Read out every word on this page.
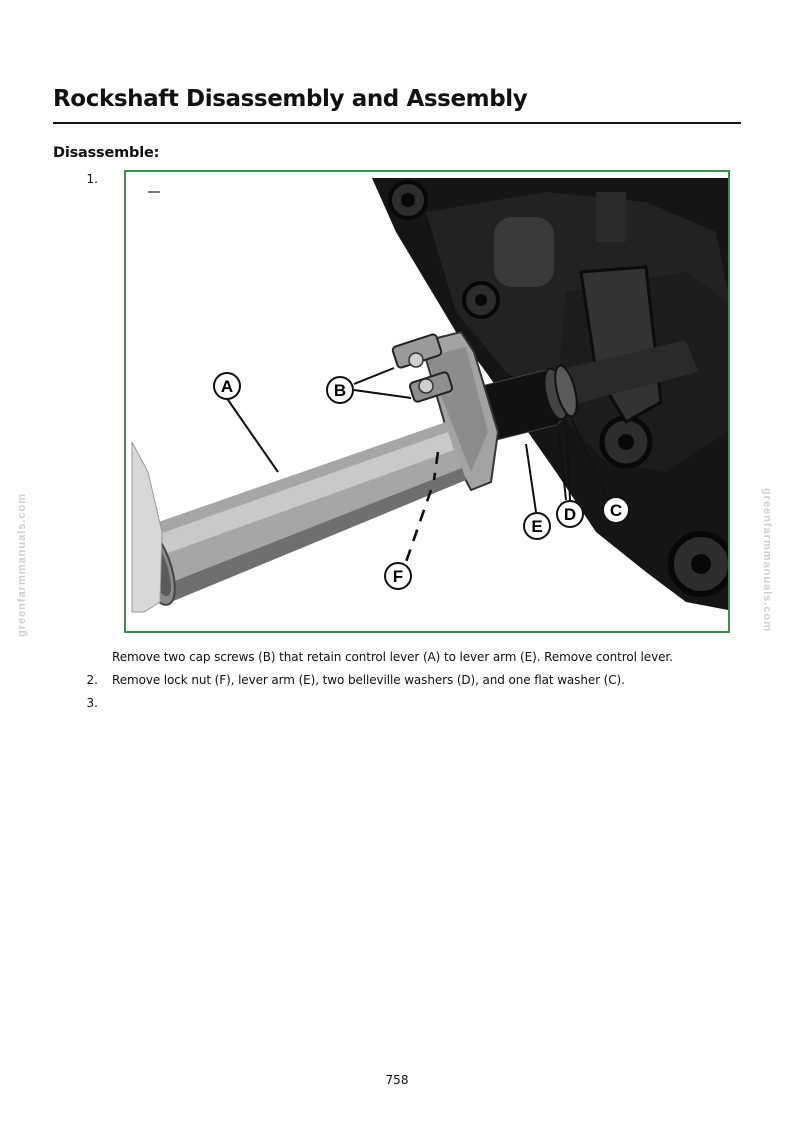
Rockshaft Disassembly and Assembly
Disassemble:
1.
A	B
C
D
E
F
Remove two cap screws (B) that retain control lever (A) to lever arm (E). Remove control lever.
2. Remove lock nut (F), lever arm (E), two belleville washers (D), and one flat washer (C).
3.
greenfarmmanuals.com	greenfarmmanuals.com
758
